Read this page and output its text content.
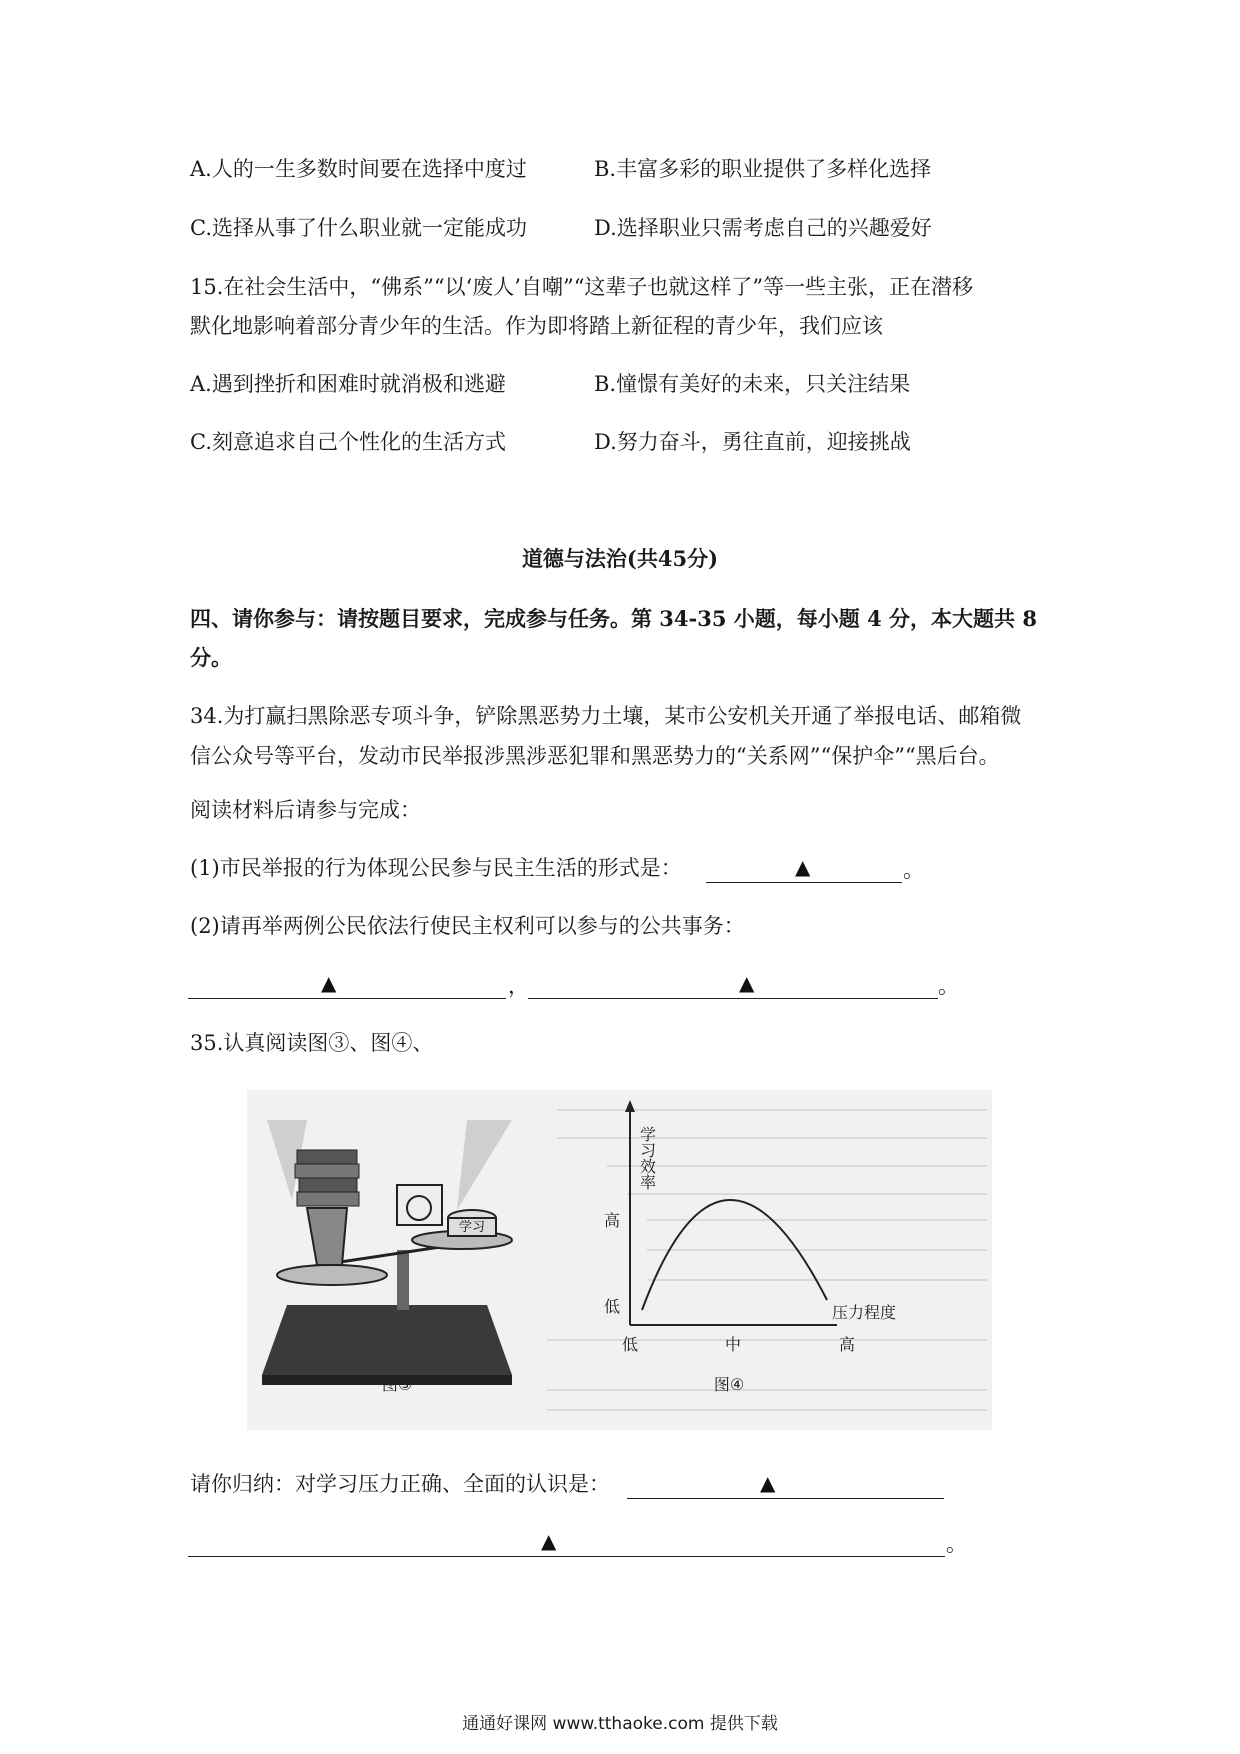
A.人的一生多数时间要在选择中度过	B.丰富多彩的职业提供了多样化选择
C.选择从事了什么职业就一定能成功	D.选择职业只需考虑自己的兴趣爱好
15.在社会生活中，“佛系”“以‘废人’自嘲”“这辈子也就这样了”等一些主张，正在潜移
默化地影响着部分青少年的生活。作为即将踏上新征程的青少年，我们应该
A.遇到挫折和困难时就消极和逃避	B.憧憬有美好的未来，只关注结果
C.刻意追求自己个性化的生活方式	D.努力奋斗，勇往直前，迎接挑战
道德与法治(共45分)
四、请你参与：请按题目要求，完成参与任务。第 34-35 小题，每小题 4 分，本大题共 8
分。
34.为打赢扫黑除恶专项斗争，铲除黑恶势力土壤，某市公安机关开通了举报电话、邮箱微
信公众号等平台，发动市民举报涉黑涉恶犯罪和黑恶势力的“关系网”“保护伞”“黑后台。
阅读材料后请参与完成：
(1)市民举报的行为体现公民参与民主生活的形式是：	▲	。
(2)请再举两例公民依法行使民主权利可以参与的公共事务：
▲	，	▲	。
35.认真阅读图③、图④、
学习
图③
学习效率
高
低	压力程度
低	中	高
图④
请你归纳：对学习压力正确、全面的认识是：	▲
▲	。
通通好课网 www.tthaoke.com 提供下载
